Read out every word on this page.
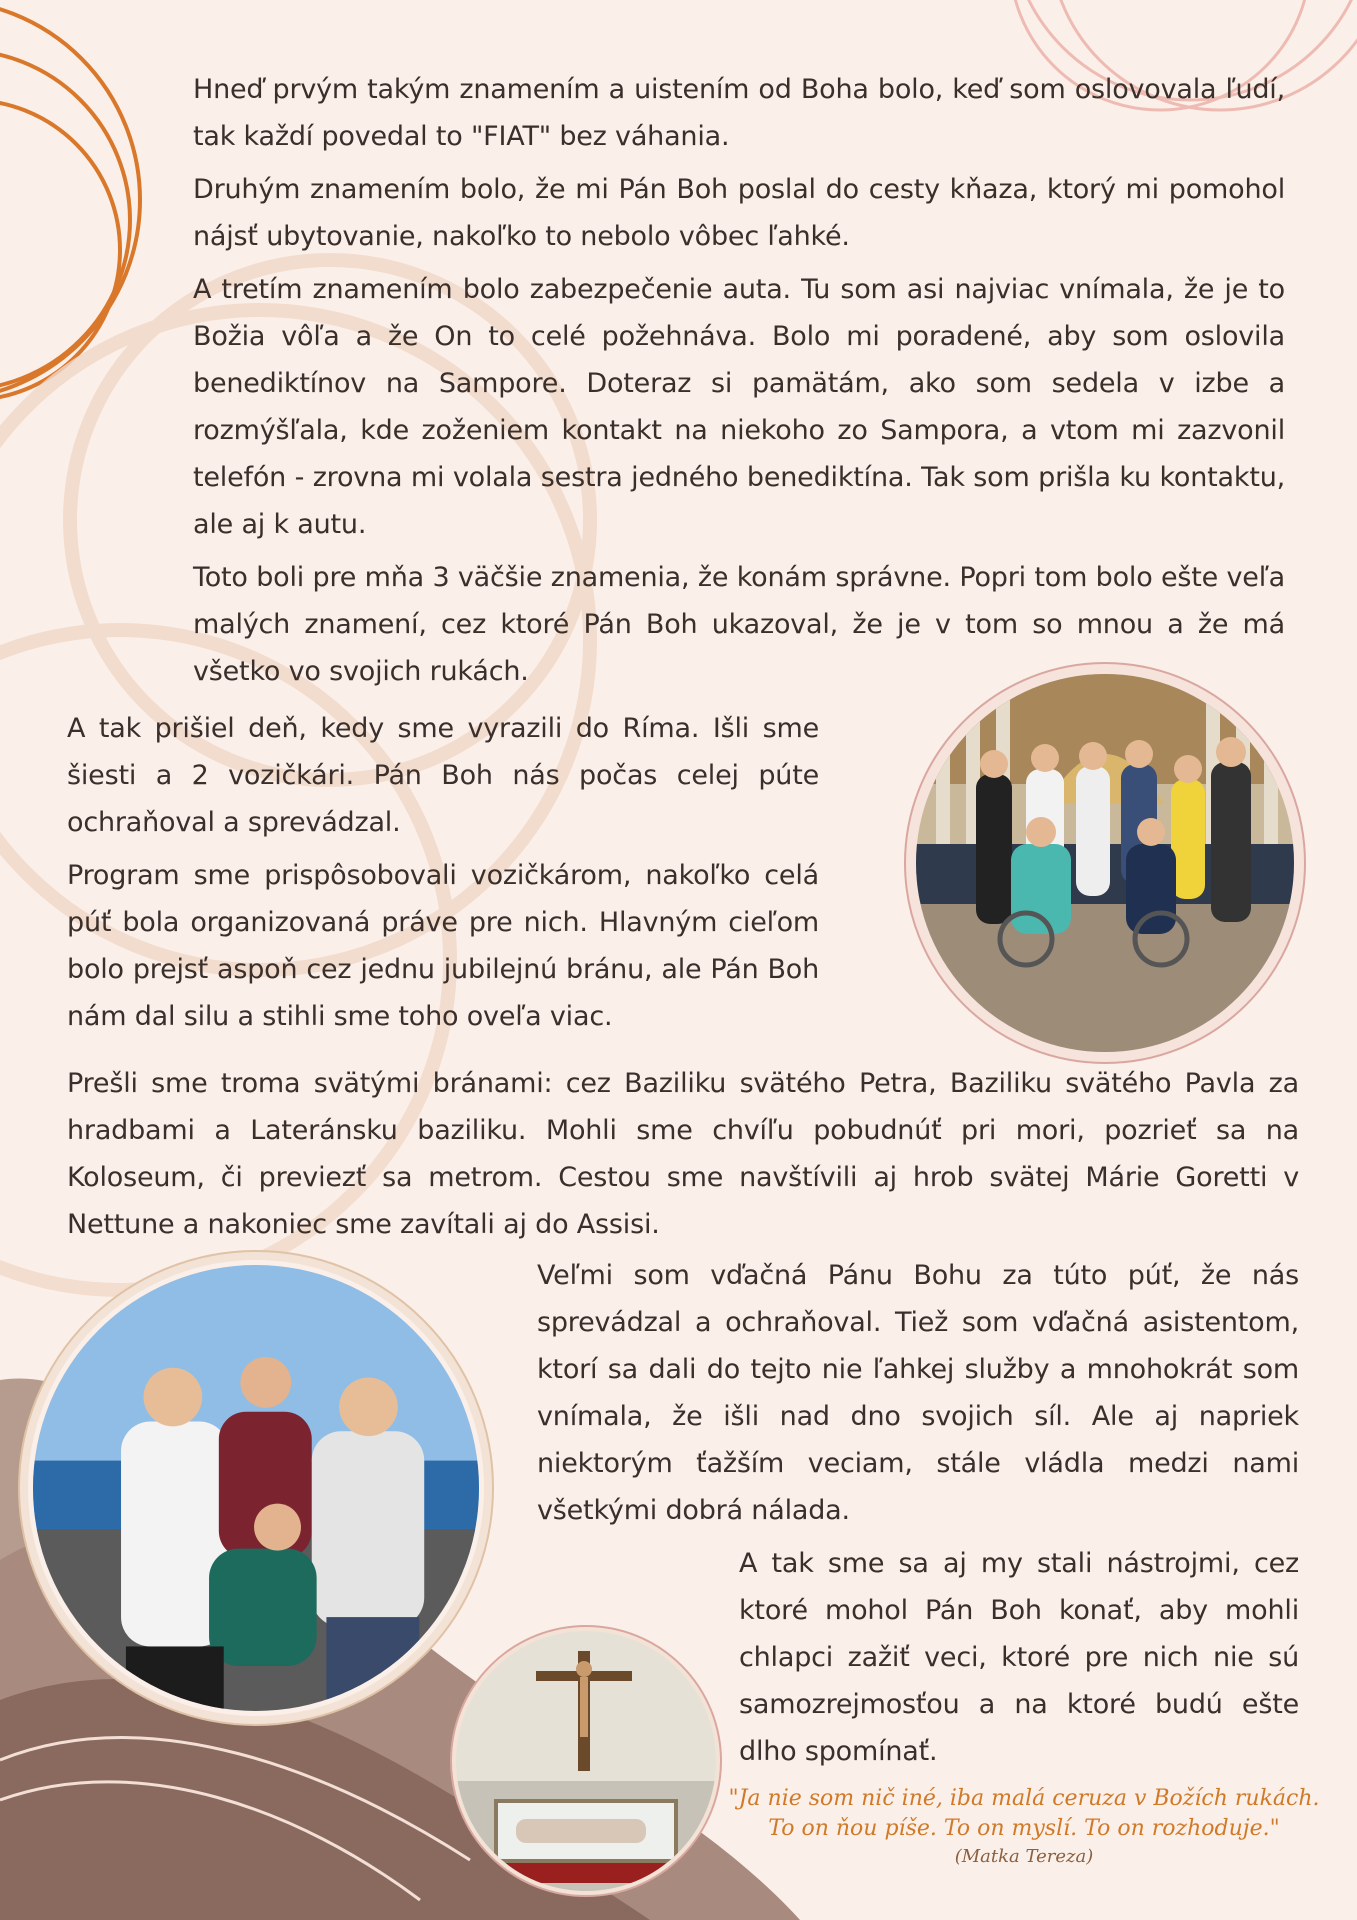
Hneď prvým takým znamením a uistením od Boha bolo, keď som oslovovala ľudí, tak každí povedal to "FIAT" bez váhania.

Druhým znamením bolo, že mi Pán Boh poslal do cesty kňaza, ktorý mi pomohol nájsť ubytovanie, nakoľko to nebolo vôbec ľahké.

A tretím znamením bolo zabezpečenie auta. Tu som asi najviac vnímala, že je to Božia vôľa a že On to celé požehnáva. Bolo mi poradené, aby som oslovila benediktínov na Sampore. Doteraz si pamätám, ako som sedela v izbe a rozmýšľala, kde zoženiem kontakt na niekoho zo Sampora, a vtom mi zazvonil telefón - zrovna mi volala sestra jedného benediktína. Tak som prišla ku kontaktu, ale aj k autu.

Toto boli pre mňa 3 väčšie znamenia, že konám správne. Popri tom bolo ešte veľa malých znamení, cez ktoré Pán Boh ukazoval, že je v tom so mnou a že má všetko vo svojich rukách.

A tak prišiel deň, kedy sme vyrazili do Ríma. Išli sme šiesti a 2 vozičkári. Pán Boh nás počas celej púte ochraňoval a sprevádzal.

Program sme prispôsobovali vozičkárom, nakoľko celá púť bola organizovaná práve pre nich. Hlavným cieľom bolo prejsť aspoň cez jednu jubilejnú bránu, ale Pán Boh nám dal silu a stihli sme toho oveľa viac.

Prešli sme troma svätými bránami: cez Baziliku svätého Petra, Baziliku svätého Pavla za hradbami a Lateránsku baziliku. Mohli sme chvíľu pobudnúť pri mori, pozrieť sa na Koloseum, či previezť sa metrom. Cestou sme navštívili aj hrob svätej Márie Goretti v Nettune a nakoniec sme zavítali aj do Assisi.

Veľmi som vďačná Pánu Bohu za túto púť, že nás sprevádzal a ochraňoval. Tiež som vďačná asistentom, ktorí sa dali do tejto nie ľahkej služby a mnohokrát som vnímala, že išli nad dno svojich síl. Ale aj napriek niektorým ťažším veciam, stále vládla medzi nami všetkými dobrá nálada.

A tak sme sa aj my stali nástrojmi, cez ktoré mohol Pán Boh konať, aby mohli chlapci zažiť veci, ktoré pre nich nie sú samozrejmosťou a na ktoré budú ešte dlho spomínať.

"Ja nie som nič iné, iba malá ceruza v Božích rukách.
To on ňou píše. To on myslí. To on rozhoduje."
(Matka Tereza)
